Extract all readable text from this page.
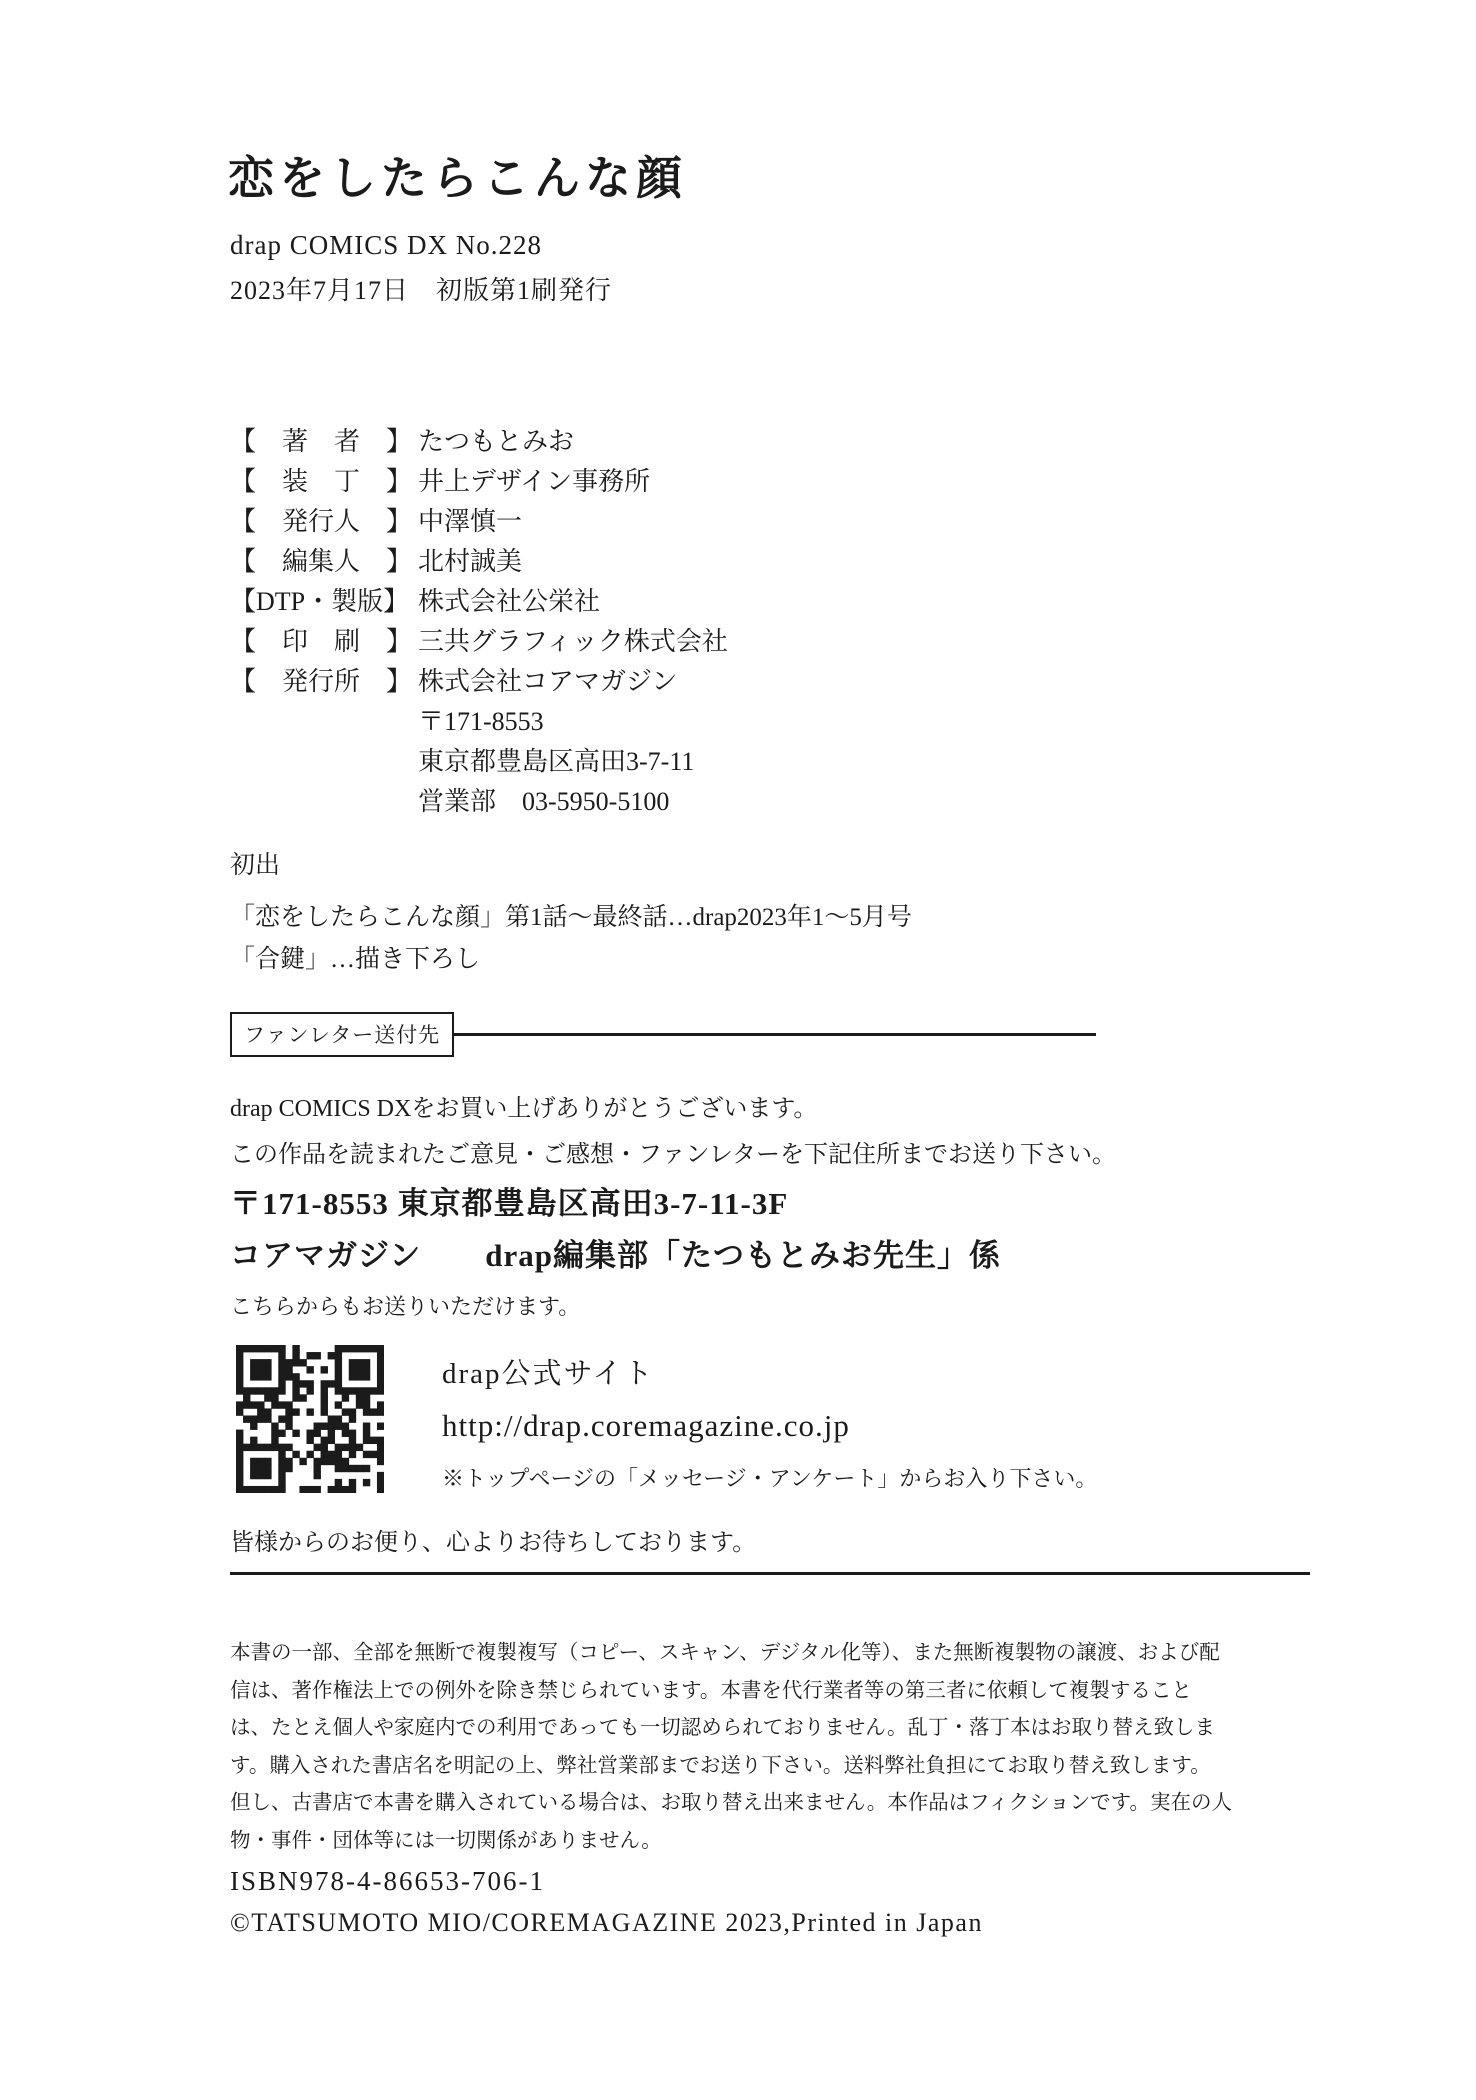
恋をしたらこんな顔
drap COMICS DX No.228
2023年7月17日　初版第1刷発行
【　著　者　】 たつもとみお
【　装　丁　】 井上デザイン事務所
【　発行人　】 中澤慎一
【　編集人　】 北村誠美
【DTP・製版】 株式会社公栄社
【　印　刷　】 三共グラフィック株式会社
【　発行所　】 株式会社コアマガジン
〒171-8553
東京都豊島区高田3-7-11
営業部　03-5950-5100
初出
「恋をしたらこんな顔」第1話〜最終話…drap2023年1〜5月号
「合鍵」…描き下ろし
ファンレター送付先
drap COMICS DXをお買い上げありがとうございます。
この作品を読まれたご意見・ご感想・ファンレターを下記住所までお送り下さい。
〒171-8553 東京都豊島区高田3-7-11-3F
コアマガジン　　drap編集部「たつもとみお先生」係
こちらからもお送りいただけます。
drap公式サイト
http://drap.coremagazine.co.jp
※トップページの「メッセージ・アンケート」からお入り下さい。
皆様からのお便り、心よりお待ちしております。
本書の一部、全部を無断で複製複写（コピー、スキャン、デジタル化等）、また無断複製物の譲渡、および配
信は、著作権法上での例外を除き禁じられています。本書を代行業者等の第三者に依頼して複製すること
は、たとえ個人や家庭内での利用であっても一切認められておりません。乱丁・落丁本はお取り替え致しま
す。購入された書店名を明記の上、弊社営業部までお送り下さい。送料弊社負担にてお取り替え致します。
但し、古書店で本書を購入されている場合は、お取り替え出来ません。本作品はフィクションです。実在の人
物・事件・団体等には一切関係がありません。
ISBN978-4-86653-706-1
©TATSUMOTO MIO/COREMAGAZINE 2023,Printed in Japan
